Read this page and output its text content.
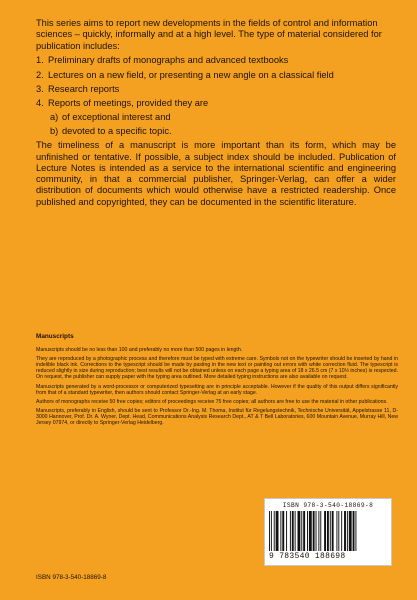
This series aims to report new developments in the fields of control and information sciences – quickly, informally and at a high level. The type of material considered for publication includes:

1. Preliminary drafts of monographs and advanced textbooks
2. Lectures on a new field, or presenting a new angle on a classical field
3. Research reports
4. Reports of meetings, provided they are
a) of exceptional interest and
b) devoted to a specific topic.

The timeliness of a manuscript is more important than its form, which may be unfinished or tentative. If possible, a subject index should be included. Publication of Lecture Notes is intended as a service to the international scientific and engineering community, in that a commercial publisher, Springer-Verlag, can offer a wider distribution of documents which would otherwise have a restricted readership. Once published and copyrighted, they can be documented in the scientific literature.

Manuscripts

Manuscripts should be no less than 100 and preferably no more than 500 pages in length.

They are reproduced by a photographic process and therefore must be typed with extreme care. Symbols not on the typewriter should be inserted by hand in indelible black ink. Corrections to the typescript should be made by pasting in the new text or painting out errors with white correction fluid. The typescript is reduced slightly in size during reproduction; best results will not be obtained unless on each page a typing area of 18 x 26.5 cm (7 x 10½ inches) is respected. On request, the publisher can supply paper with the typing area outlined. More detailed typing instructions are also available on request.

Manuscripts generated by a word-processor or computerized typesetting are in principle acceptable. However if the quality of this output differs significantly from that of a standard typewriter, then authors should contact Springer-Verlag at an early stage.

Authors of monographs receive 50 free copies; editors of proceedings receive 75 free copies; all authors are free to use the material in other publications.

Manuscripts, preferably in English, should be sent to Professor Dr.-Ing. M. Thoma, Institut für Regelungstechnik, Technische Universität, Appelstrasse 11, D-3000 Hannover, Prof. Dr. A. Wyner, Dept. Head, Communications Analysis Research Dept., AT & T Bell Laboratories, 600 Mountain Avenue, Murray Hill, New Jersey 07974, or directly to Springer-Verlag Heidelberg.

ISBN 978-3-540-18869-8
9 783540 188698
ISBN 978-3-540-18869-8
